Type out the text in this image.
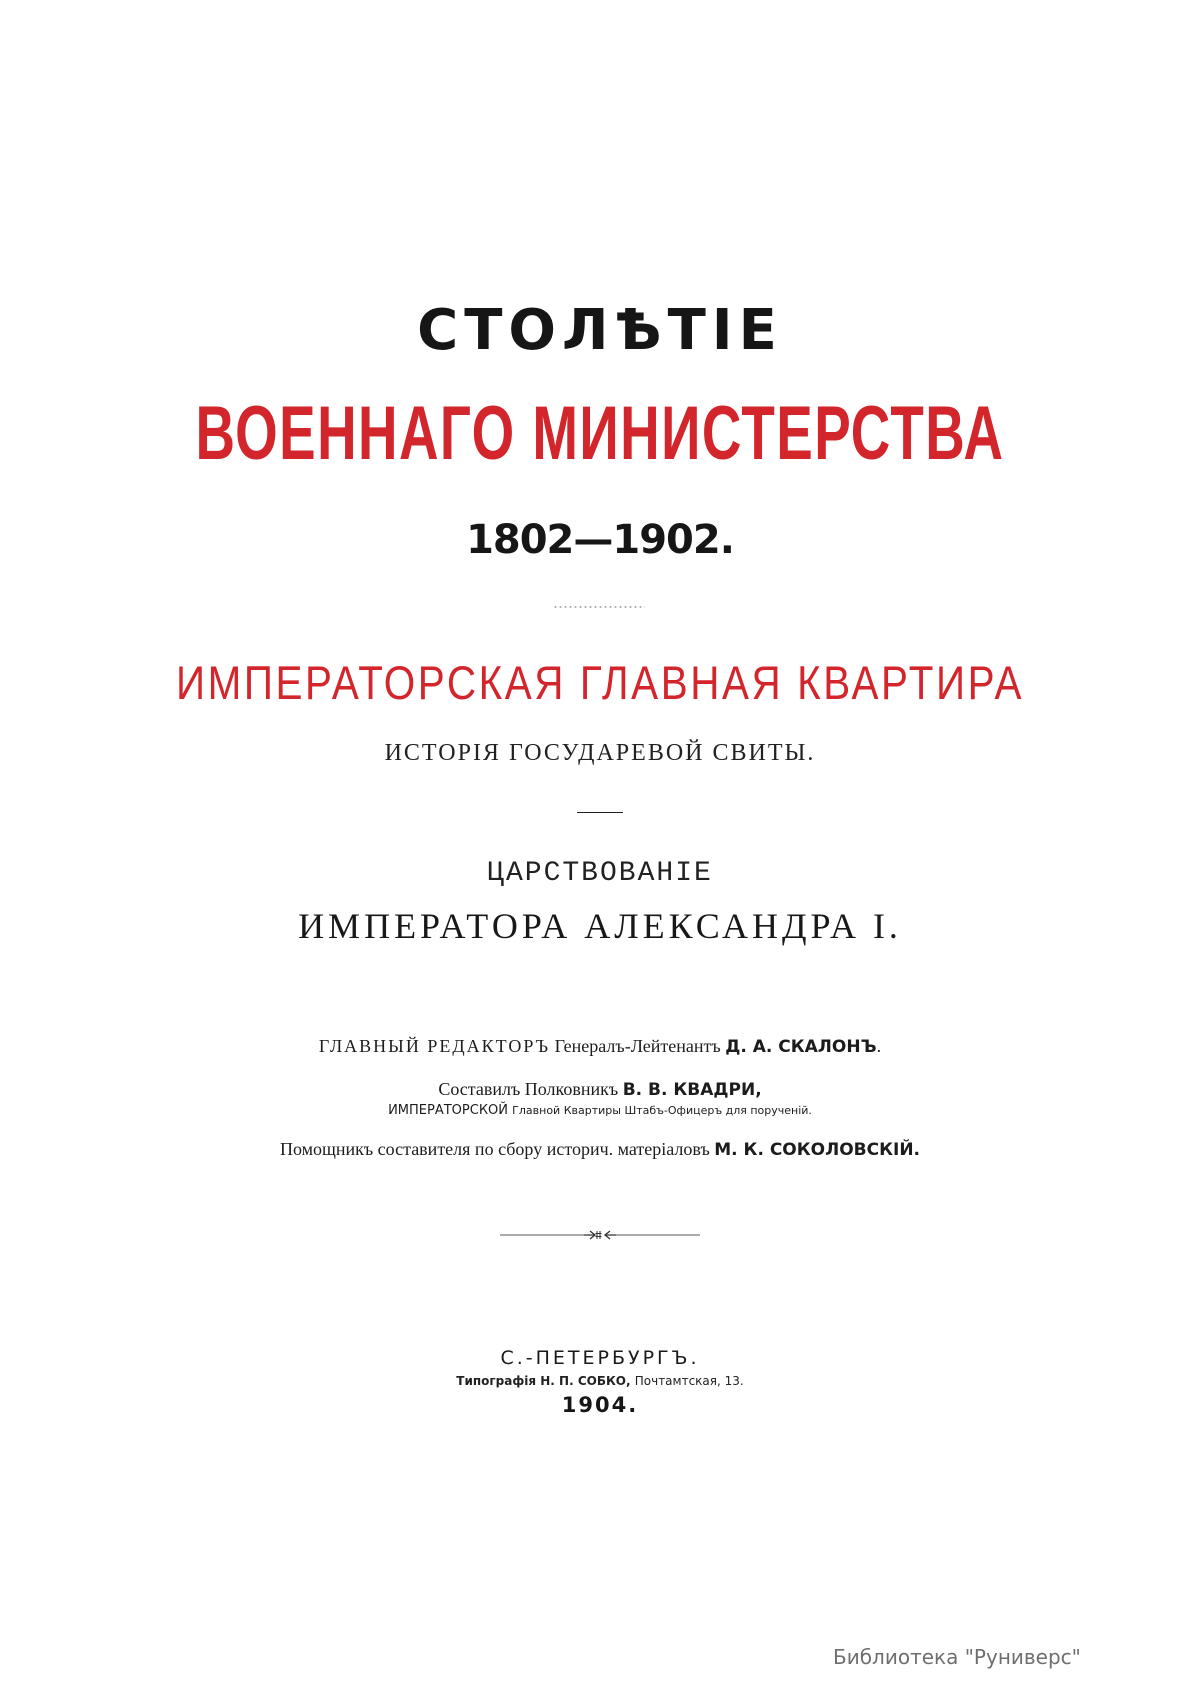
СТОЛѢТІЕ
ВОЕННАГО МИНИСТЕРСТВА
1802—1902.
ИМПЕРАТОРСКАЯ ГЛАВНАЯ КВАРТИРА
ИСТОРІЯ ГОСУДАРЕВОЙ СВИТЫ.
ЦАРСТВОВАНІЕ
ИМПЕРАТОРА АЛЕКСАНДРА I.
ГЛАВНЫЙ РЕДАКТОРЪ Генералъ-Лейтенантъ Д. А. СКАЛОНЪ.
Составилъ Полковникъ В. В. КВАДРИ,
ИМПЕРАТОРСКОЙ Главной Квартиры Штабъ-Офицеръ для порученій.
Помощникъ составителя по сбору историч. матеріаловъ М. К. СОКОЛОВСКІЙ.
С.-ПЕТЕРБУРГЪ.
Типографія Н. П. СОБКО, Почтамтская, 13.
1904.
Библиотека "Руниверс"
